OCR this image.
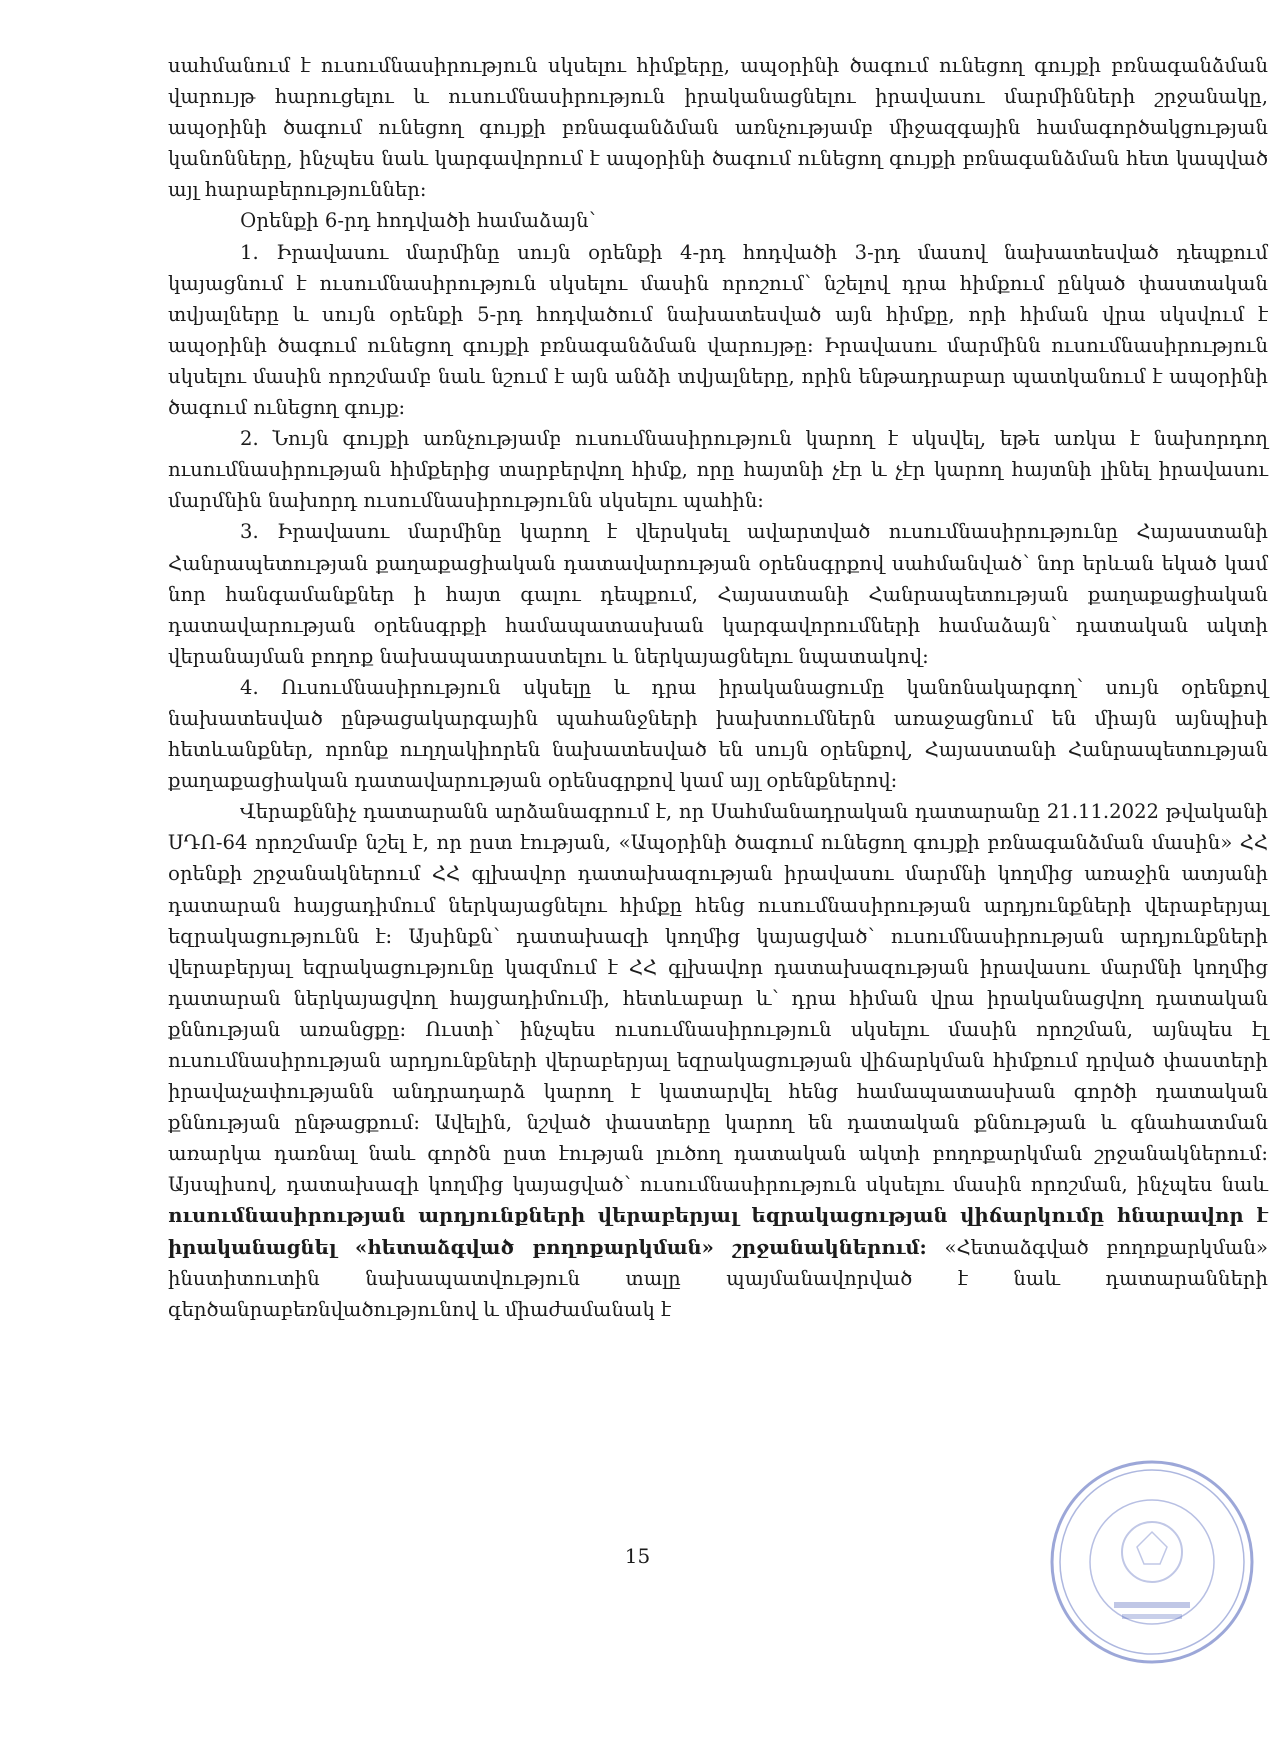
սահմանում է ուսումնասիրություն սկսելու հիմքերը, ապօրինի ծագում ունեցող գույքի բռնագանձման վարույթ հարուցելու և ուսումնասիրություն իրականացնելու իրավասու մարմինների շրջանակը, ապօրինի ծագում ունեցող գույքի բռնագանձման առնչությամբ միջազգային համագործակցության կանոնները, ինչպես նաև կարգավորում է ապօրինի ծագում ունեցող գույքի բռնագանձման հետ կապված այլ հարաբերություններ:

Օրենքի 6-րդ հոդվածի համաձայն՝

1. Իրավասու մարմինը սույն օրենքի 4-րդ հոդվածի 3-րդ մասով նախատեսված դեպքում կայացնում է ուսումնասիրություն սկսելու մասին որոշում՝ նշելով դրա հիմքում ընկած փաստական տվյալները և սույն օրենքի 5-րդ հոդվածում նախատեսված այն հիմքը, որի հիման վրա սկսվում է ապօրինի ծագում ունեցող գույքի բռնագանձման վարույթը: Իրավասու մարմինն ուսումնասիրություն սկսելու մասին որոշմամբ նաև նշում է այն անձի տվյալները, որին ենթադրաբար պատկանում է ապօրինի ծագում ունեցող գույք:

2. Նույն գույքի առնչությամբ ուսումնասիրություն կարող է սկսվել, եթե առկա է նախորդող ուսումնասիրության հիմքերից տարբերվող հիմք, որը հայտնի չէր և չէր կարող հայտնի լինել իրավասու մարմնին նախորդ ուսումնասիրությունն սկսելու պահին:

3. Իրավասու մարմինը կարող է վերսկսել ավարտված ուսումնասիրությունը Հայաստանի Հանրապետության քաղաքացիական դատավարության օրենսգրքով սահմանված՝ նոր երևան եկած կամ նոր հանգամանքներ ի հայտ գալու դեպքում, Հայաստանի Հանրապետության քաղաքացիական դատավարության օրենսգրքի համապատասխան կարգավորումների համաձայն՝ դատական ակտի վերանայման բողոք նախապատրաստելու և ներկայացնելու նպատակով:

4. Ուսումնասիրություն սկսելը և դրա իրականացումը կանոնակարգող՝ սույն օրենքով նախատեսված ընթացակարգային պահանջների խախտումներն առաջացնում են միայն այնպիսի հետևանքներ, որոնք ուղղակիորեն նախատեսված են սույն օրենքով, Հայաստանի Հանրապետության քաղաքացիական դատավարության օրենսգրքով կամ այլ օրենքներով:

Վերաքննիչ դատարանն արձանագրում է, որ Սահմանադրական դատարանը 21.11.2022 թվականի ՍԴՈ-64 որոշմամբ նշել է, որ ըստ էության, «Ապօրինի ծագում ունեցող գույքի բռնագանձման մասին» ՀՀ օրենքի շրջանակներում ՀՀ գլխավոր դատախազության իրավասու մարմնի կողմից առաջին ատյանի դատարան հայցադիմում ներկայացնելու հիմքը հենց ուսումնասիրության արդյունքների վերաբերյալ եզրակացությունն է: Այսինքն՝ դատախազի կողմից կայացված՝ ուսումնասիրության արդյունքների վերաբերյալ եզրակացությունը կազմում է ՀՀ գլխավոր դատախազության իրավասու մարմնի կողմից դատարան ներկայացվող հայցադիմումի, հետևաբար և՝ դրա հիման վրա իրականացվող դատական քննության առանցքը: Ուստի՝ ինչպես ուսումնասիրություն սկսելու մասին որոշման, այնպես էլ ուսումնասիրության արդյունքների վերաբերյալ եզրակացության վիճարկման հիմքում դրված փաստերի իրավաչափությանն անդրադարձ կարող է կատարվել հենց համապատասխան գործի դատական քննության ընթացքում: Ավելին, նշված փաստերը կարող են դատական քննության և գնահատման առարկա դառնալ նաև գործն ըստ էության լուծող դատական ակտի բողոքարկման շրջանակներում: Այսպիսով, դատախազի կողմից կայացված՝ ուսումնասիրություն սկսելու մասին որոշման, ինչպես նաև ուսումնասիրության արդյունքների վերաբերյալ եզրակացության վիճարկումը հնարավոր է իրականացնել «հետաձգված բողոքարկման» շրջանակներում: «Հետաձգված բողոքարկման» ինստիտուտին նախապատվություն տալը պայմանավորված է նաև դատարանների գերծանրաբեռնվածությունով և միաժամանակ է

15
